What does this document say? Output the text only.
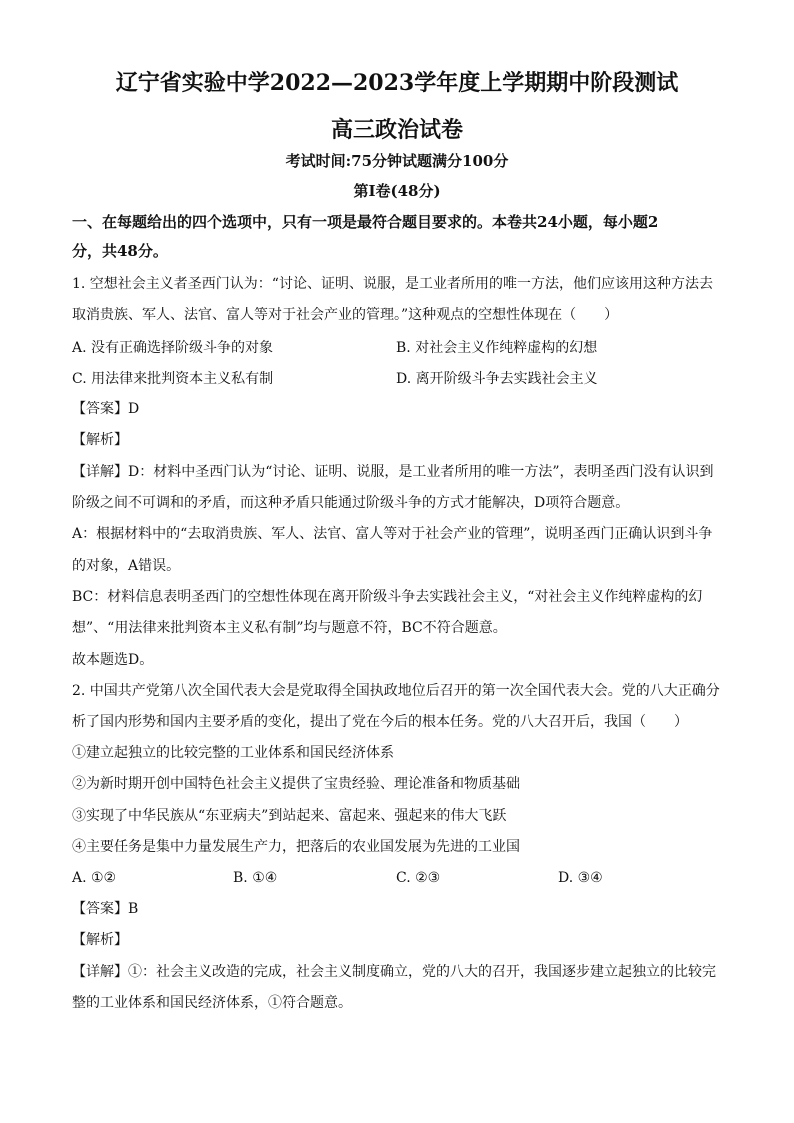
辽宁省实验中学2022—2023学年度上学期期中阶段测试
高三政治试卷
考试时间:75分钟试题满分100分
第Ⅰ卷(48分)
一、在每题给出的四个选项中，只有一项是最符合题目要求的。本卷共24小题，每小题2
分，共48分。
1. 空想社会主义者圣西门认为：“讨论、证明、说服，是工业者所用的唯一方法，他们应该用这种方法去
取消贵族、军人、法官、富人等对于社会产业的管理。”这种观点的空想性体现在（　　）
A. 没有正确选择阶级斗争的对象	B. 对社会主义作纯粹虚构的幻想
C. 用法律来批判资本主义私有制	D. 离开阶级斗争去实践社会主义
【答案】D
【解析】
【详解】D：材料中圣西门认为“讨论、证明、说服，是工业者所用的唯一方法”，表明圣西门没有认识到
阶级之间不可调和的矛盾，而这种矛盾只能通过阶级斗争的方式才能解决，D项符合题意。
A：根据材料中的“去取消贵族、军人、法官、富人等对于社会产业的管理”，说明圣西门正确认识到斗争
的对象，A错误。
BC：材料信息表明圣西门的空想性体现在离开阶级斗争去实践社会主义，“对社会主义作纯粹虚构的幻
想”、“用法律来批判资本主义私有制”均与题意不符，BC不符合题意。
故本题选D。
2. 中国共产党第八次全国代表大会是党取得全国执政地位后召开的第一次全国代表大会。党的八大正确分
析了国内形势和国内主要矛盾的变化，提出了党在今后的根本任务。党的八大召开后，我国（　　）
①建立起独立的比较完整的工业体系和国民经济体系
②为新时期开创中国特色社会主义提供了宝贵经验、理论准备和物质基础
③实现了中华民族从“东亚病夫”到站起来、富起来、强起来的伟大飞跃
④主要任务是集中力量发展生产力，把落后的农业国发展为先进的工业国
A. ①②	B. ①④	C. ②③	D. ③④
【答案】B
【解析】
【详解】①：社会主义改造的完成，社会主义制度确立，党的八大的召开，我国逐步建立起独立的比较完
整的工业体系和国民经济体系，①符合题意。
